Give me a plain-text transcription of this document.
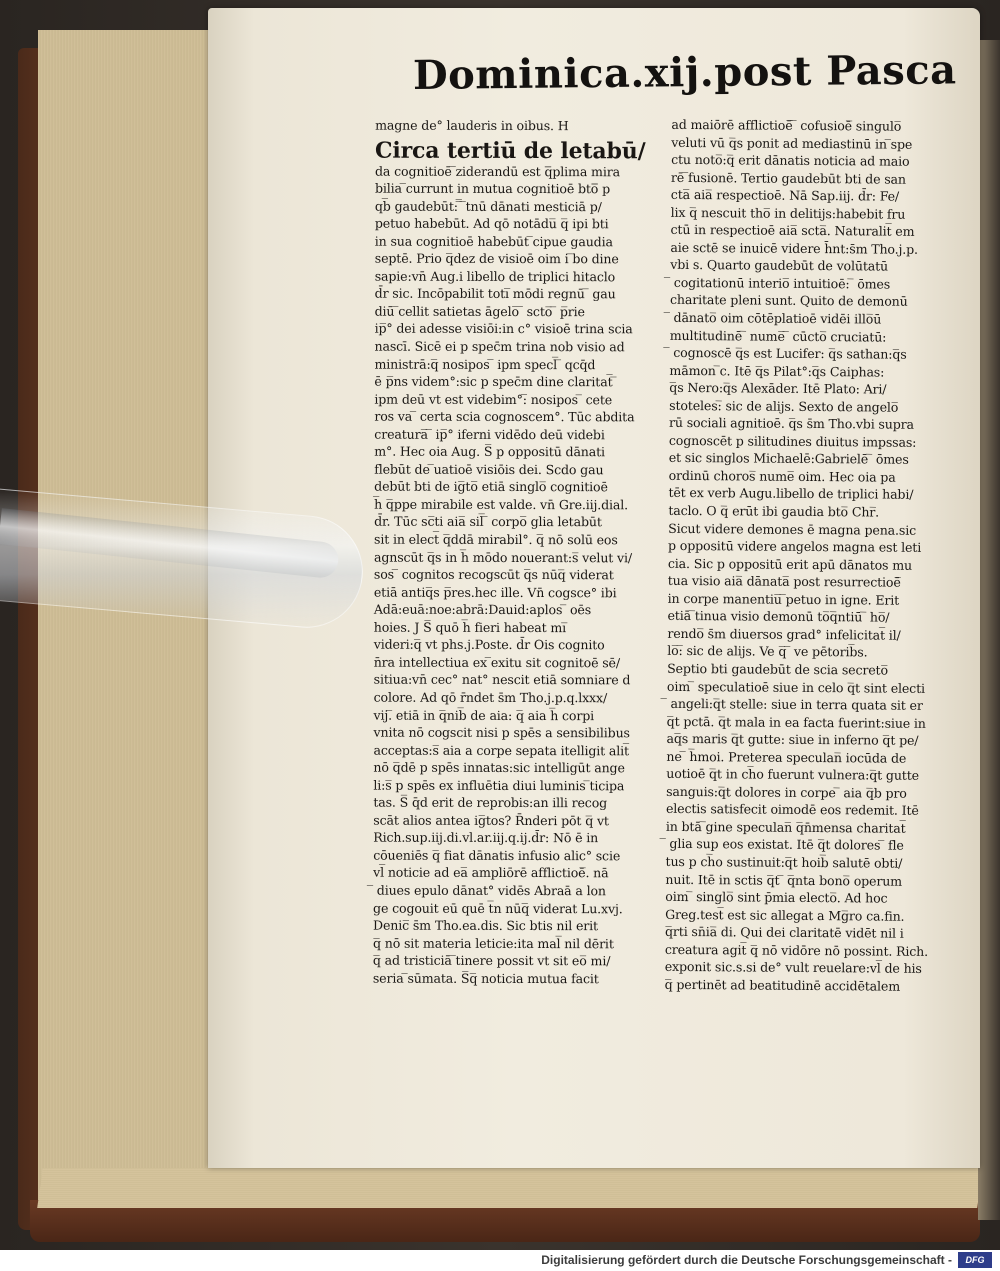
Dominica.xij.post Pasca
magne de° lauderis in oibus. H
Circa tertiū de letabū/
da cognitioē ̅ziderandū est q̅̅plima mira
bilia ̅currunt in mutua cognitioē bto̅̅ p
qb̅ gaudebūt: ̅̅ ̅tnū dānati mesticiā p/
petuo habebūt. Ad qō notādu̅ q̅ ipi bti
in sua cognitioē habebūt ̅cipue gaudia
septē. Prio q̅dez de visioē oim i ̅bo dine
sapie:vn̄ Aug.i libello de triplici hitaclo
d̄r sic. Incōpabilit toti̅ mōdi regnū ̅ gau
diū ̅cellit satietas āgelo̅ ̅ scto̅ ̅ p̅rie
ip̅° dei adesse visiōi:in c° visioē trina scia
nascī. Sicē ei p spec̄m trina nob visio ad
ministrā:q̅ nosipos ̅ ipm specl̅ ̅ qcq̄d
ē p̅ns videm°:sic p spec̄m dine claritat̅ ̅
ipm deū vt est videbim°:̅ nosipos ̅ cete
ros va ̅ certa scia cognoscem°. Tūc abdita
creatura̅ ̅ ip̅° iferni vidēdo deū videbi
m°. Hec oia Aug. S̅ p oppositū dānati
flebūt de ̅uatioē visiōis dei. Scdo gau
debūt bti de ig̅to̅ etiā singlo̅ cognitioē
h̅ q̅ppe mirabile est valde. vn̄ Gre.iij.dial.
d̄r. Tūc sc̅ti aia̅ sil̅ ̅ corpo̅ glia letabūt
sit in elect̅ q̅ddā mirabil°. q̅ nō solū eos
agnscūt q̅s in h̅ mōdo nouerant:s̅ velut vi/
sos ̅ cognitos recogscūt q̅s nūq̅ viderat
etiā antiq̅s p̅res.hec ille. Vn̄ cogsce° ibi
Adā:euā:noe:abrā:Dauid:aplos ̅ oēs
hoies. J S̅ quō h̅ fieri habeat mi̅
videri:q̅ vt phs.j.Poste. d̄r Ois cognito
n̄ra intellectiua ex ̅exitu sit cognitoē sē/
sitiua:vn̄ cec° nat° nescit etiā somniare d
colore. Ad qō r̄ndet s̄m Tho.j.p.q.lxxx/
vij.̅ etiā in q̅nib̅ de aia: q̅ aia h̅ corpi
vnita nō cogscit nisi p spēs a sensibilibus
acceptas:s̅ aia a corpe sepata itelligit alit̅
nō q̅dē p spēs innatas:sic intelligūt ange
li:s̅ p spēs ex influētia diui luminis ̅ticipa
tas. S̅ q̄d erit de reprobis:an illi recog
scāt alios antea ig̅tos? R̄nderi pōt q̅ vt
Rich.sup.iij.di.vl.ar.iij.q.ij.d̄r: Nō ē in
cōueniēs q̅ fiat dānatis infusio alic° scie
vl̅ noticie ad ea̅ ampliōrē afflictioē̅. nā
̅ diues epulo dānat° vidēs Abraā a lon
ge cogouit eū quē t̅n nūq̅ viderat Lu.xvj.
Denic̅ s̄m Tho.ea.dis. Sic btis nil erit
q̅ nō sit materia leticie:ita mal̅ nil dērit
q̅ ad tristiciā ̅tinere possit vt sit eo̅ mi/
seria ̅sūmata. S̅q̅ noticia mutua facit
ad maiōrē afflictioē̅ ̅ cofusioē̅ singulo̅
veluti vū q̅s ponit ad mediastinū in ̅spe
ctu noto̅:q̅ erit dānatis noticia ad maio
rē ̅fusionē. Tertio gaudebūt bti de san
cta̅ aia̅ respectioē. Nā Sap.iij. d̄r: Fe/
lix q̅ nescuit tho̅ in delitijs:habebit fru
ctū in respectioē aia̅ scta̅. Naturalit̅ em
aie sctē se inuicē videre h̄nt:s̄m Tho.j.p.
vbi s. Quarto gaudebūt de volūtatū
̅ cogitationū interio̅ intuitioē: ̅ ōmes
charitate pleni sunt. Quito de demonū
̅ dānato̅ oim cōtēplatioē vidēi illo̅ū
multitudinē ̅ nume̅ ̅ cūcto̅ cruciatū:
̅ cognoscē q̅s est Lucifer: q̅s sathan:q̅s
māmon ̅c. Itē q̅s Pilat°:q̅s Caiphas:
q̅s Nero:q̅s Alexāder. Itē Plato: Ari/
stoteles:̅ sic de alijs. Sexto de angelo̅
rū sociali agnitioē. q̅s s̄m Tho.vbi supra
cognoscēt p silitudines diuitus impssas:
et sic singlos Michaelē:Gabrielē ̅ ōmes
ordinū choros̅ nume̅ oim. Hec oia pa
tēt ex verb Augu.libello de triplici habi/
taclo. O q̅ erūt ibi gaudia bto̅ Chr̅.
Sicut videre demones ē magna pena.sic
p oppositū videre angelos magna est leti
cia. Sic p oppositū erit apū dānatos mu
tua visio aia̅ dānata̅ post resurrectioē̅
in corpe manentiu̅ ̅petuo in igne. Erit
etiā ̅tinua visio demonū to̅q̅ntiū ̅ ho̅/
rendo̅ s̄m diuersos grad° infelicitat̅ il/
lo̅:̅ sic de alijs. Ve q̅ ̅ ve pētorib̅s.
Septio bti gaudebūt de scia secreto̅
oim ̅ speculatioē siue in celo q̅t sint electi
̅ angeli:q̅t stelle: siue in terra quata sit er
q̅t pctā. q̅t mala in ea facta fuerint:siue in
aq̅s maris q̅t gutte: siue in inferno q̅t pe/
ne ̅ h̅moi. Preterea speculan̅ iocūda de
uotioē q̅t in ch̅o fuerunt vulnera:q̅t gutte
sanguis:q̅t dolores in corpe ̅ aia q̅b pro
electis satisfecit oimodē eos redemit. Itē
in btā ̅gine speculan̅ q̅n̄mensa charitat̅
̅ glia sup eos existat. Itē q̅t dolores ̅ fle
tus p ch̅o sustinuit:q̅t hoib̅ salutē obti/
nuit. Itē in sctis q̅t ̅ q̅nta bono̅ operum
oim ̅ singlo̅ sint p̄mia electo̅. Ad hoc
Greg.test̅ est sic allegat a Mg̅ro ca.fin.
q̅rti sn̄ia̅ di. Qui dei claritatē vidēt nil i
creatura agit̅ q̅ nō vidōre nō possint. Rich.
exponit sic.s.si de° vult reuelare:vl̅ de his
q̅ pertinēt ad beatitudinē accidētalem
Digitalisierung gefördert durch die Deutsche Forschungsgemeinschaft -	DFG
